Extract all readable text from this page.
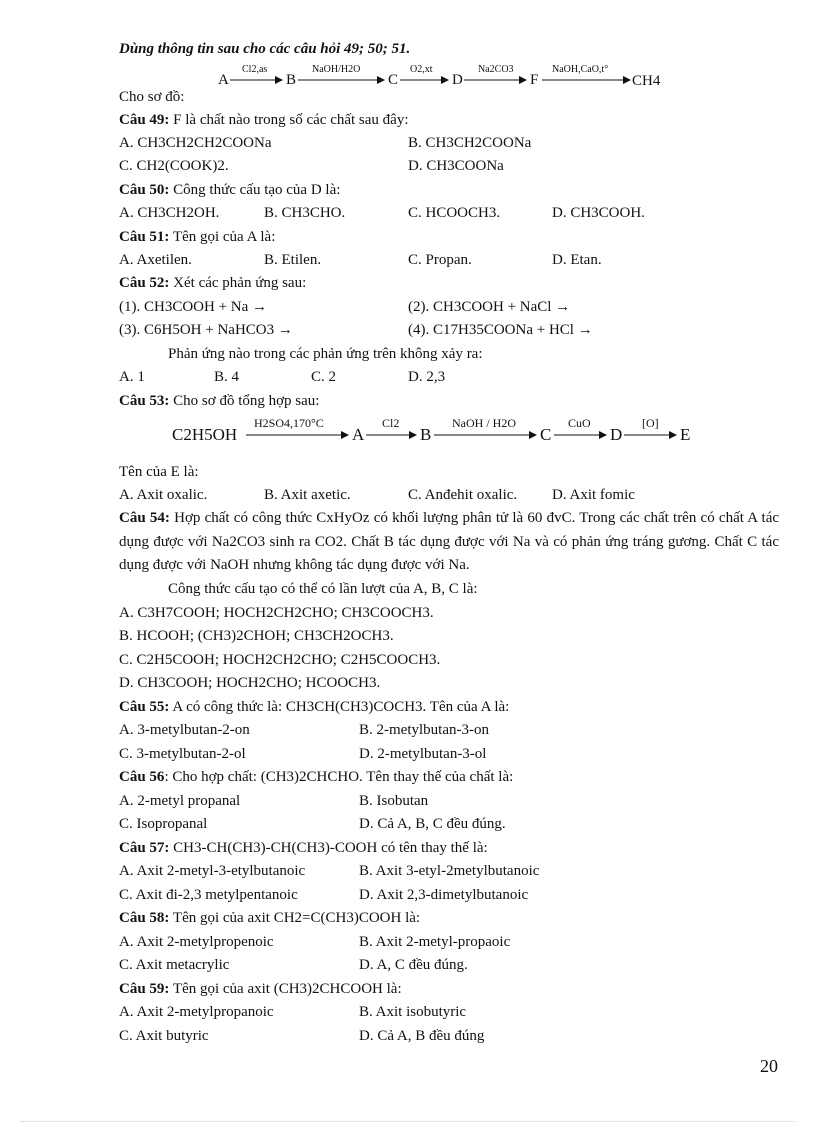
Dùng thông tin sau cho các câu hỏi 49; 50; 51.
Cho sơ đồ:
A
Cl2,as
B
NaOH/H2O
C
O2,xt
D
Na2CO3
F
NaOH,CaO,t°
CH4
Câu 49: F là chất nào trong số các chất sau đây:
A. CH3CH2CH2COONa	B. CH3CH2COONa
C. CH2(COOK)2.	D. CH3COONa
Câu 50: Công thức cấu tạo của D là:
A. CH3CH2OH.	B. CH3CHO.	C. HCOOCH3.	D. CH3COOH.
Câu 51: Tên gọi của A là:
A. Axetilen.	B. Etilen.	C. Propan.	D. Etan.
Câu 52: Xét các phản ứng sau:
(1). CH3COOH + Na →	(2). CH3COOH + NaCl →
(3). C6H5OH + NaHCO3 →	(4). C17H35COONa + HCl →
Phản ứng nào trong các phản ứng trên không xảy ra:
A. 1	B. 4	C. 2	D. 2,3
Câu 53: Cho sơ đồ tổng hợp sau:
C2H5OH
H2SO4,170°C
A
Cl2
B
NaOH / H2O
C
CuO
D
[O]
E
Tên của E là:
A. Axit oxalic.	B. Axit axetic.	C. Anđehit oxalic. D. Axit fomic
Câu 54: Hợp chất có công thức CxHyOz có khối lượng phân tử là 60 đvC. Trong các chất trên có chất A tác dụng được với Na2CO3 sinh ra CO2. Chất B tác dụng được với Na và có phản ứng tráng gương. Chất C tác dụng được với NaOH nhưng không tác dụng được với Na.
Công thức cấu tạo có thể có lần lượt của A, B, C là:
A. C3H7COOH; HOCH2CH2CHO; CH3COOCH3.
B. HCOOH; (CH3)2CHOH; CH3CH2OCH3.
C. C2H5COOH; HOCH2CH2CHO; C2H5COOCH3.
D. CH3COOH; HOCH2CHO; HCOOCH3.
Câu 55: A có công thức là: CH3CH(CH3)COCH3. Tên của A là:
A. 3-metylbutan-2-on	B. 2-metylbutan-3-on
C. 3-metylbutan-2-ol	D. 2-metylbutan-3-ol
Câu 56: Cho hợp chất: (CH3)2CHCHO. Tên thay thế của chất là:
A. 2-metyl propanal	B. Isobutan
C. Isopropanal	D. Cả A, B, C đều đúng.
Câu 57: CH3-CH(CH3)-CH(CH3)-COOH có tên thay thế là:
A. Axit 2-metyl-3-etylbutanoic	B. Axit 3-etyl-2metylbutanoic
C. Axit đi-2,3 metylpentanoic	D. Axit 2,3-dimetylbutanoic
Câu 58: Tên gọi của axit CH2=C(CH3)COOH là:
A. Axit 2-metylpropenoic	B. Axit 2-metyl-propaoic
C. Axit metacrylic	D. A, C đều đúng.
Câu 59: Tên gọi của axit (CH3)2CHCOOH là:
A. Axit 2-metylpropanoic	B. Axit isobutyric
C. Axit butyric	D. Cả A, B đều đúng
20
